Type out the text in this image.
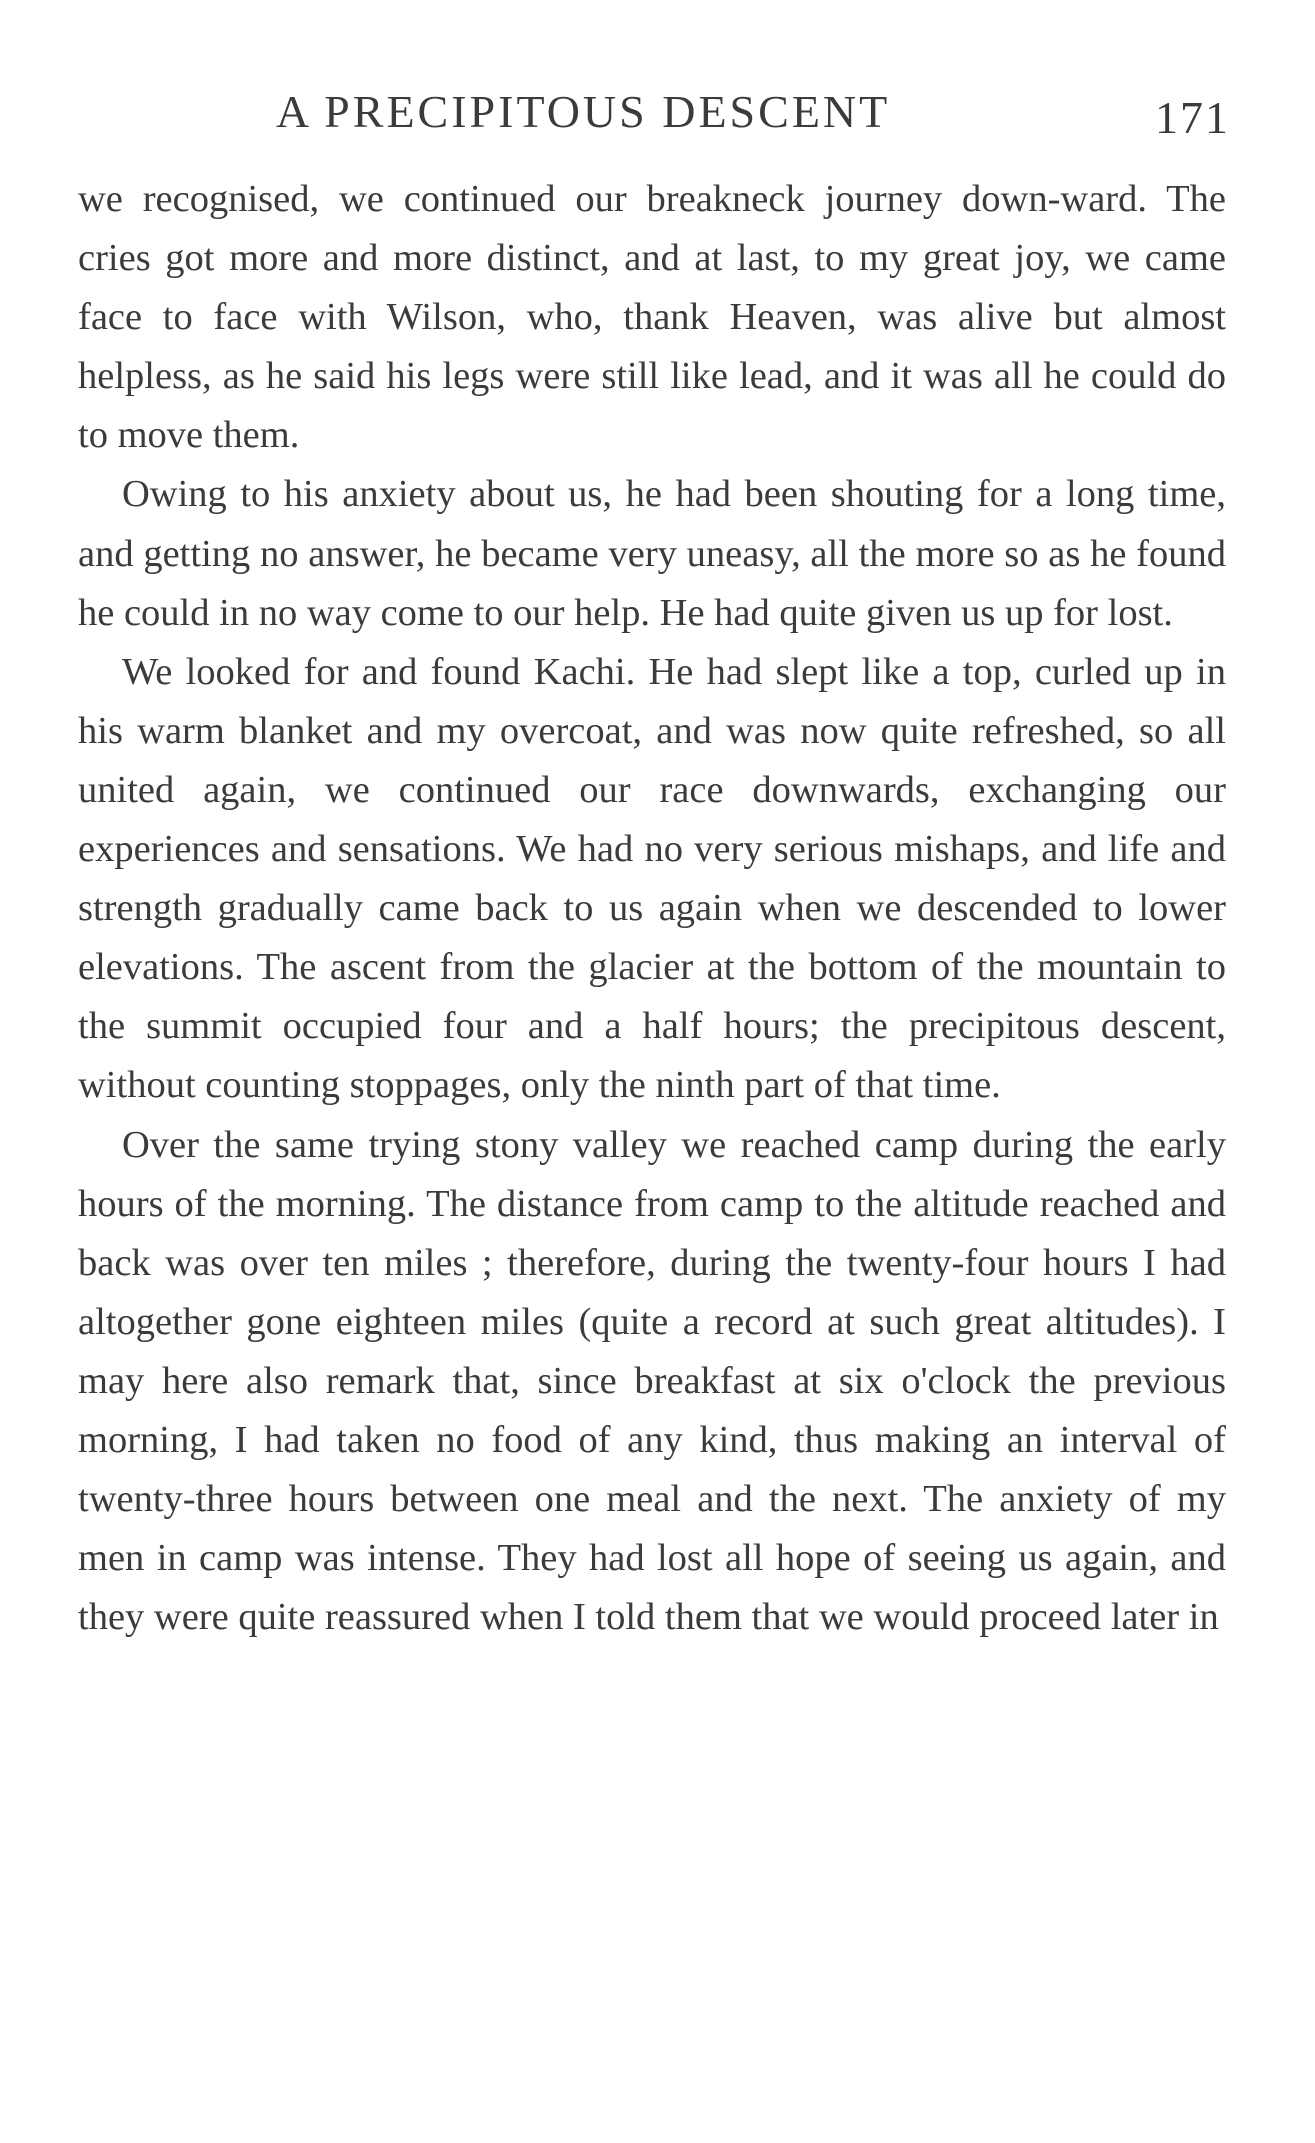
A PRECIPITOUS DESCENT	171

we recognised, we continued our breakneck journey down-ward. The cries got more and more distinct, and at last, to my great joy, we came face to face with Wilson, who, thank Heaven, was alive but almost helpless, as he said his legs were still like lead, and it was all he could do to move them.

Owing to his anxiety about us, he had been shouting for a long time, and getting no answer, he became very uneasy, all the more so as he found he could in no way come to our help. He had quite given us up for lost.

We looked for and found Kachi. He had slept like a top, curled up in his warm blanket and my overcoat, and was now quite refreshed, so all united again, we continued our race downwards, exchanging our experiences and sensations. We had no very serious mishaps, and life and strength gradually came back to us again when we descended to lower elevations. The ascent from the glacier at the bottom of the mountain to the summit occupied four and a half hours; the precipitous descent, without counting stoppages, only the ninth part of that time.

Over the same trying stony valley we reached camp during the early hours of the morning. The distance from camp to the altitude reached and back was over ten miles ; therefore, during the twenty-four hours I had altogether gone eighteen miles (quite a record at such great altitudes). I may here also remark that, since breakfast at six o'clock the previous morning, I had taken no food of any kind, thus making an interval of twenty-three hours between one meal and the next. The anxiety of my men in camp was intense. They had lost all hope of seeing us again, and they were quite reassured when I told them that we would proceed later in
